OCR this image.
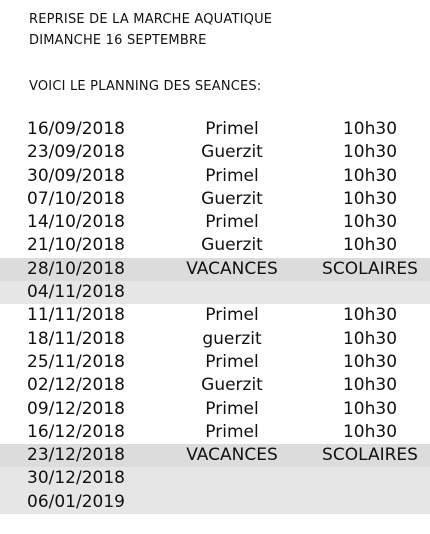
REPRISE DE LA MARCHE AQUATIQUE
DIMANCHE 16 SEPTEMBRE
VOICI LE PLANNING DES SEANCES:
16/09/2018	Primel	10h30
23/09/2018	Guerzit	10h30
30/09/2018	Primel	10h30
07/10/2018	Guerzit	10h30
14/10/2018	Primel	10h30
21/10/2018	Guerzit	10h30
28/10/2018	VACANCES	SCOLAIRES
04/11/2018
11/11/2018	Primel	10h30
18/11/2018	guerzit	10h30
25/11/2018	Primel	10h30
02/12/2018	Guerzit	10h30
09/12/2018	Primel	10h30
16/12/2018	Primel	10h30
23/12/2018	VACANCES	SCOLAIRES
30/12/2018
06/01/2019
